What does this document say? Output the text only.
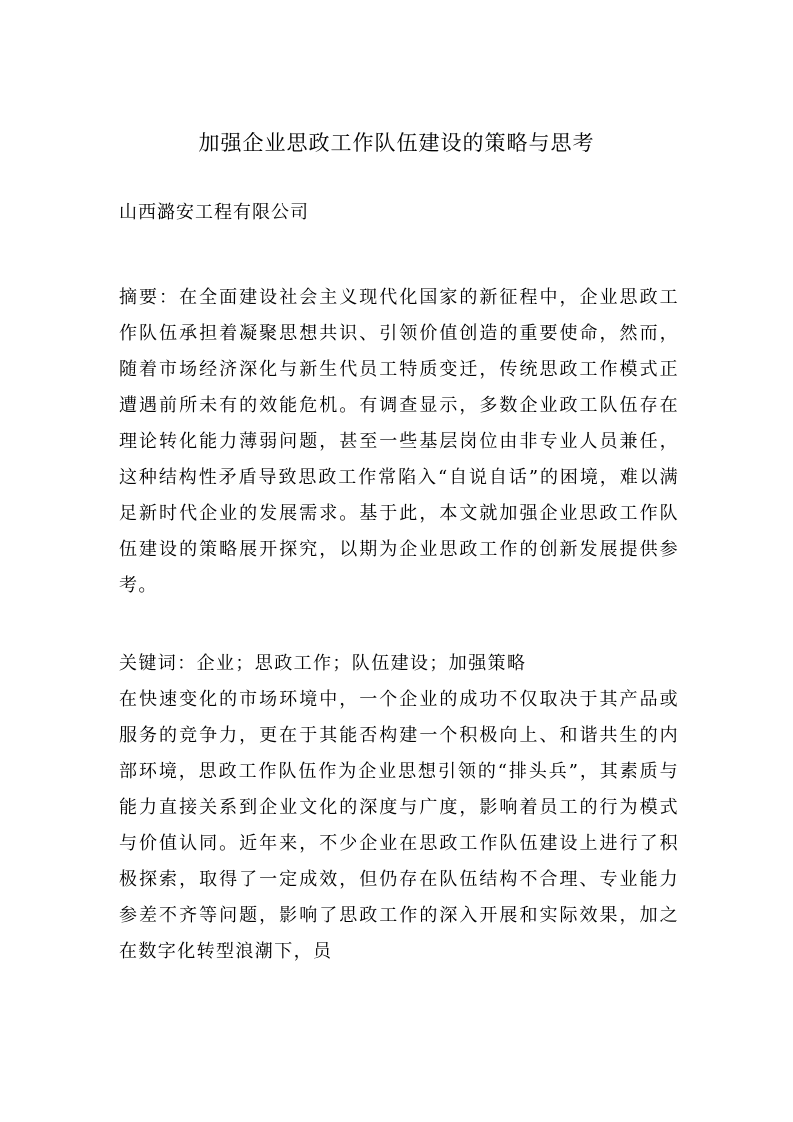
加强企业思政工作队伍建设的策略与思考

山西潞安工程有限公司

摘要：在全面建设社会主义现代化国家的新征程中，企业思政工作队伍承担着凝聚思想共识、引领价值创造的重要使命，然而，随着市场经济深化与新生代员工特质变迁，传统思政工作模式正遭遇前所未有的效能危机。有调查显示，多数企业政工队伍存在理论转化能力薄弱问题，甚至一些基层岗位由非专业人员兼任，这种结构性矛盾导致思政工作常陷入“自说自话”的困境，难以满足新时代企业的发展需求。基于此，本文就加强企业思政工作队伍建设的策略展开探究，以期为企业思政工作的创新发展提供参考。

关键词：企业；思政工作；队伍建设；加强策略

在快速变化的市场环境中，一个企业的成功不仅取决于其产品或服务的竞争力，更在于其能否构建一个积极向上、和谐共生的内部环境，思政工作队伍作为企业思想引领的“排头兵”，其素质与能力直接关系到企业文化的深度与广度，影响着员工的行为模式与价值认同。近年来，不少企业在思政工作队伍建设上进行了积极探索，取得了一定成效，但仍存在队伍结构不合理、专业能力参差不齐等问题，影响了思政工作的深入开展和实际效果，加之在数字化转型浪潮下，员
